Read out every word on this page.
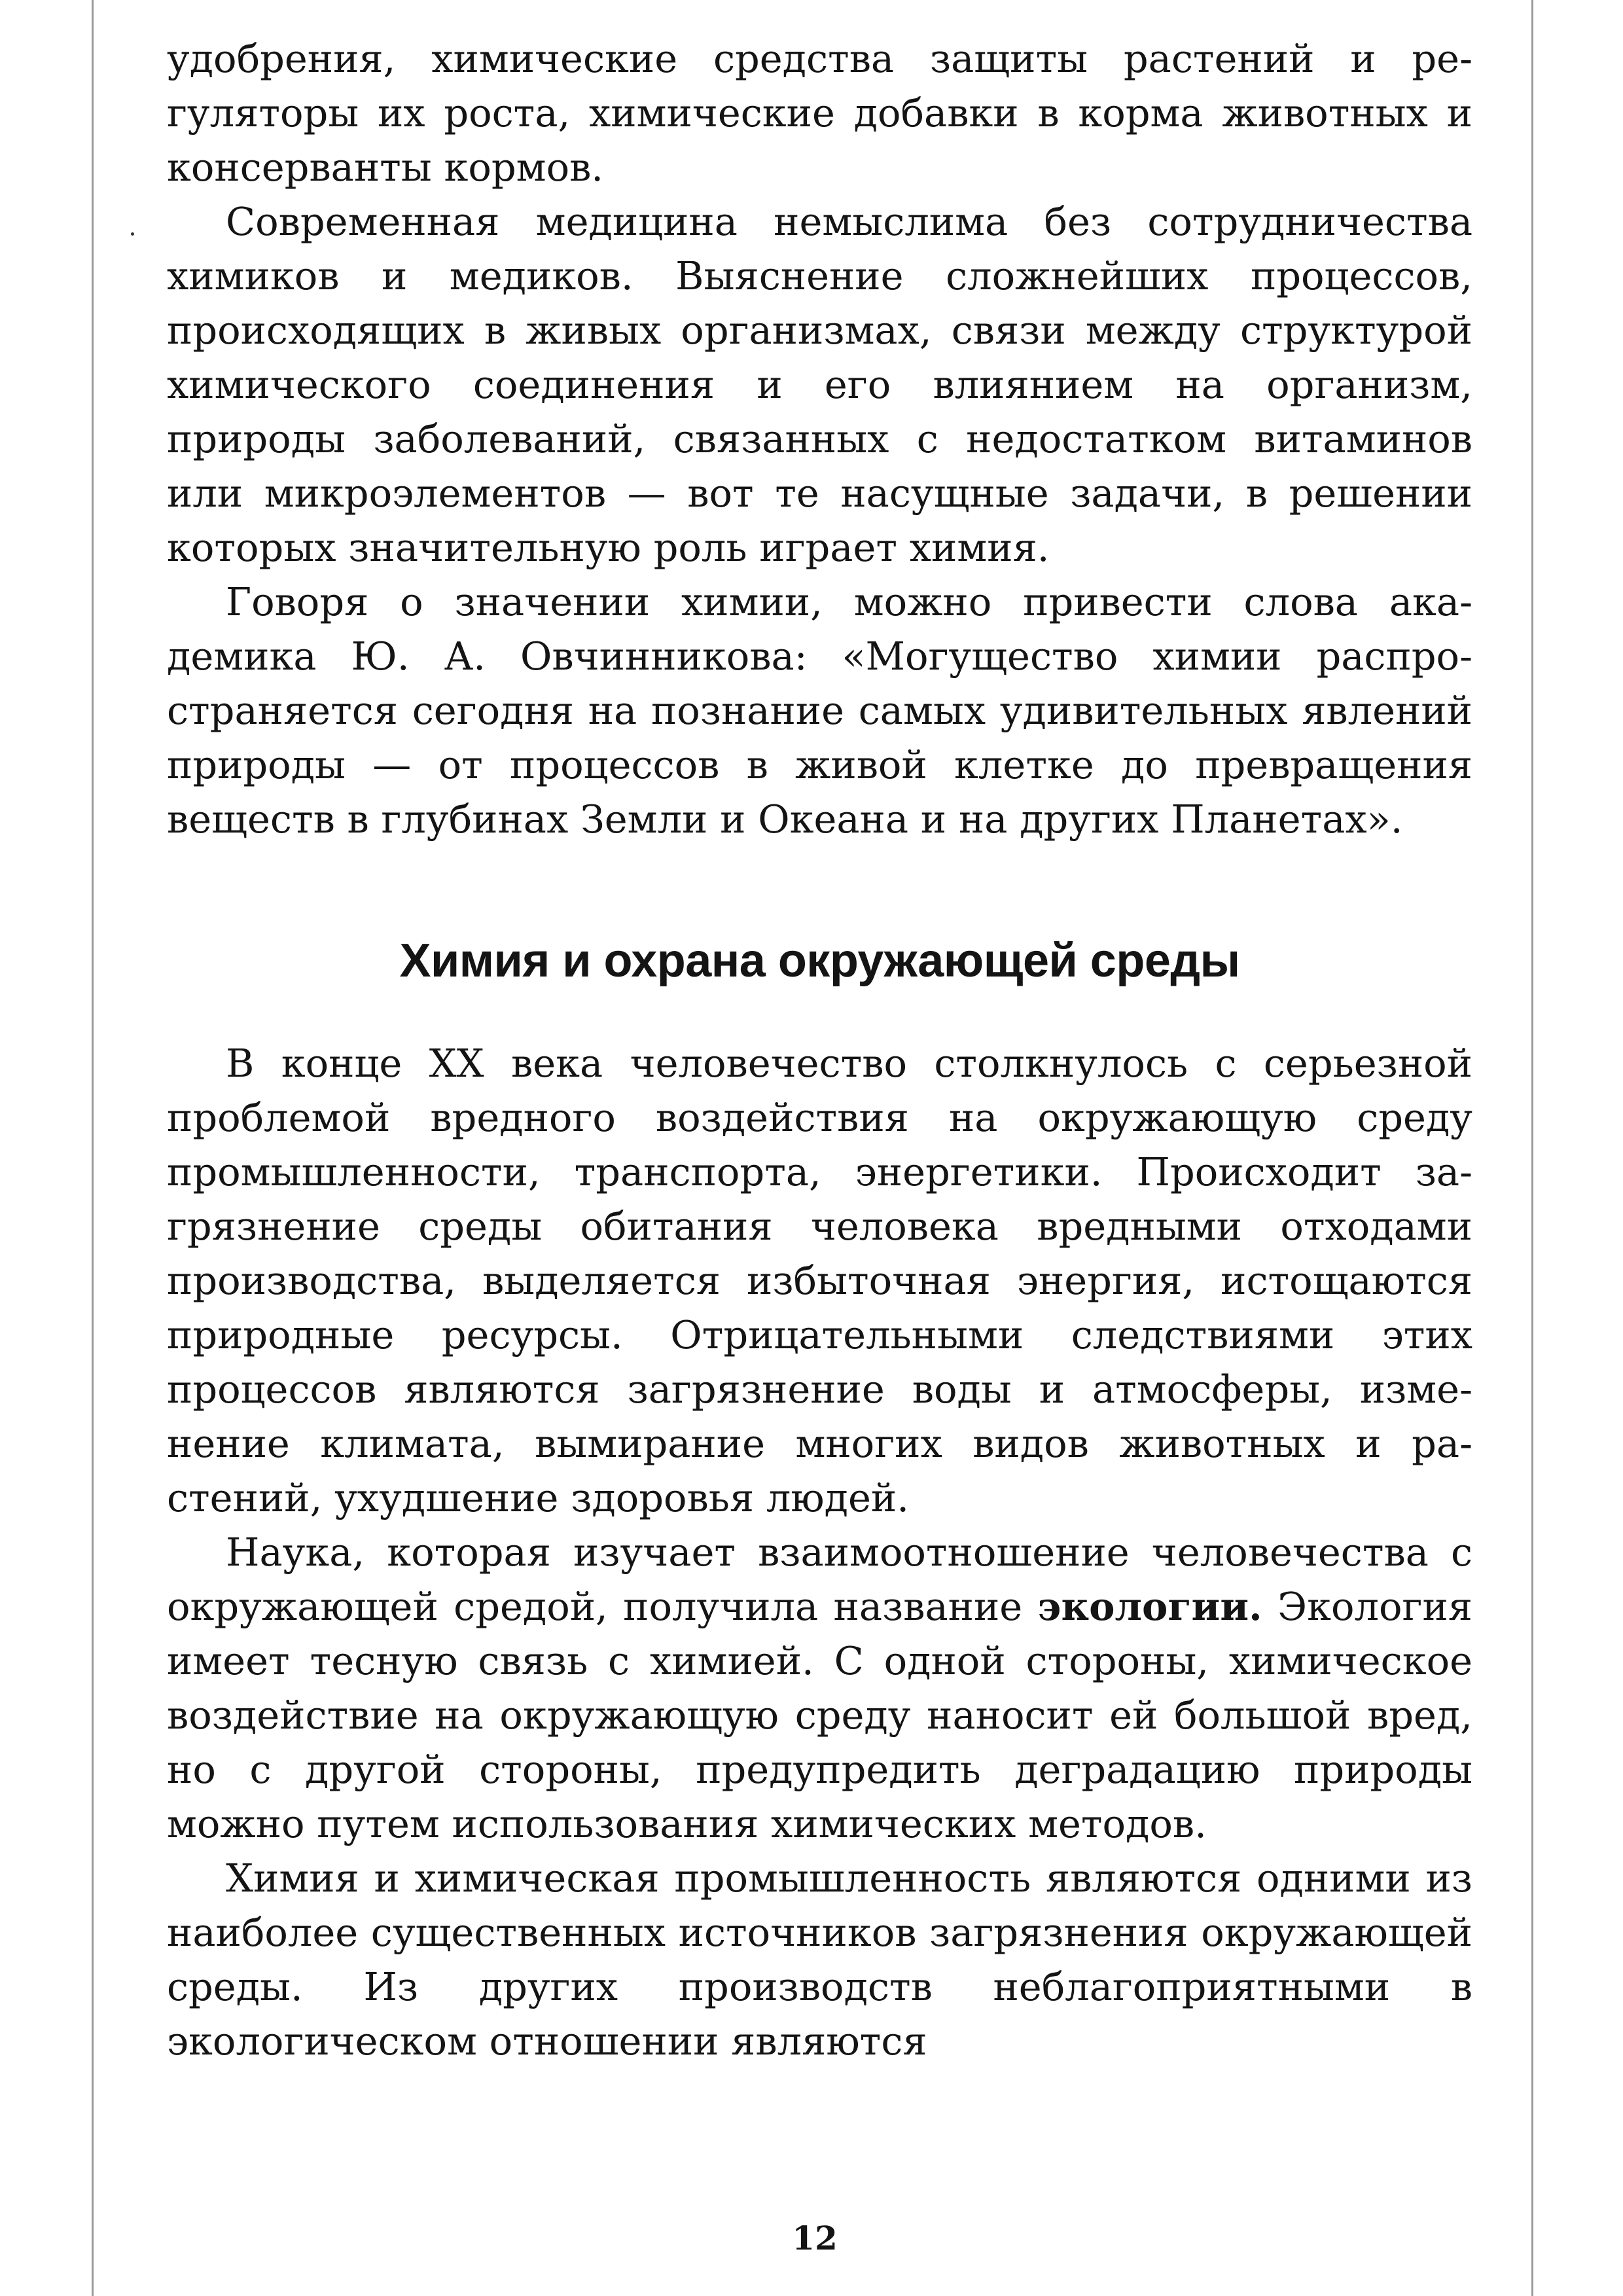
удобрения, химические средства защиты растений и регуляторы их роста, химические добавки в корма животных и консерванты кормов.

Современная медицина немыслима без сотрудничества химиков и медиков. Выяснение сложнейших процессов, происходящих в живых организмах, связи между структурой химического соединения и его влиянием на организм, природы заболеваний, связанных с недостатком витаминов или микроэлементов — вот те насущные задачи, в решении которых значительную роль играет химия.

Говоря о значении химии, можно привести слова академика Ю. А. Овчинникова: «Могущество химии распространяется сегодня на познание самых удивительных явлений природы — от процессов в живой клетке до превращения веществ в глубинах Земли и Океана и на других Планетах».

Химия и охрана окружающей среды

В конце XX века человечество столкнулось с серьезной проблемой вредного воздействия на окружающую среду промышленности, транспорта, энергетики. Происходит загрязнение среды обитания человека вредными отходами производства, выделяется избыточная энергия, истощаются природные ресурсы. Отрицательными следствиями этих процессов являются загрязнение воды и атмосферы, изменение климата, вымирание многих видов животных и растений, ухудшение здоровья людей.

Наука, которая изучает взаимоотношение человечества с окружающей средой, получила название экологии. Экология имеет тесную связь с химией. С одной стороны, химическое воздействие на окружающую среду наносит ей большой вред, но с другой стороны, предупредить деградацию природы можно путем использования химических методов.

Химия и химическая промышленность являются одними из наиболее существенных источников загрязнения окружающей среды. Из других производств неблагоприятными в экологическом отношении являются

12
